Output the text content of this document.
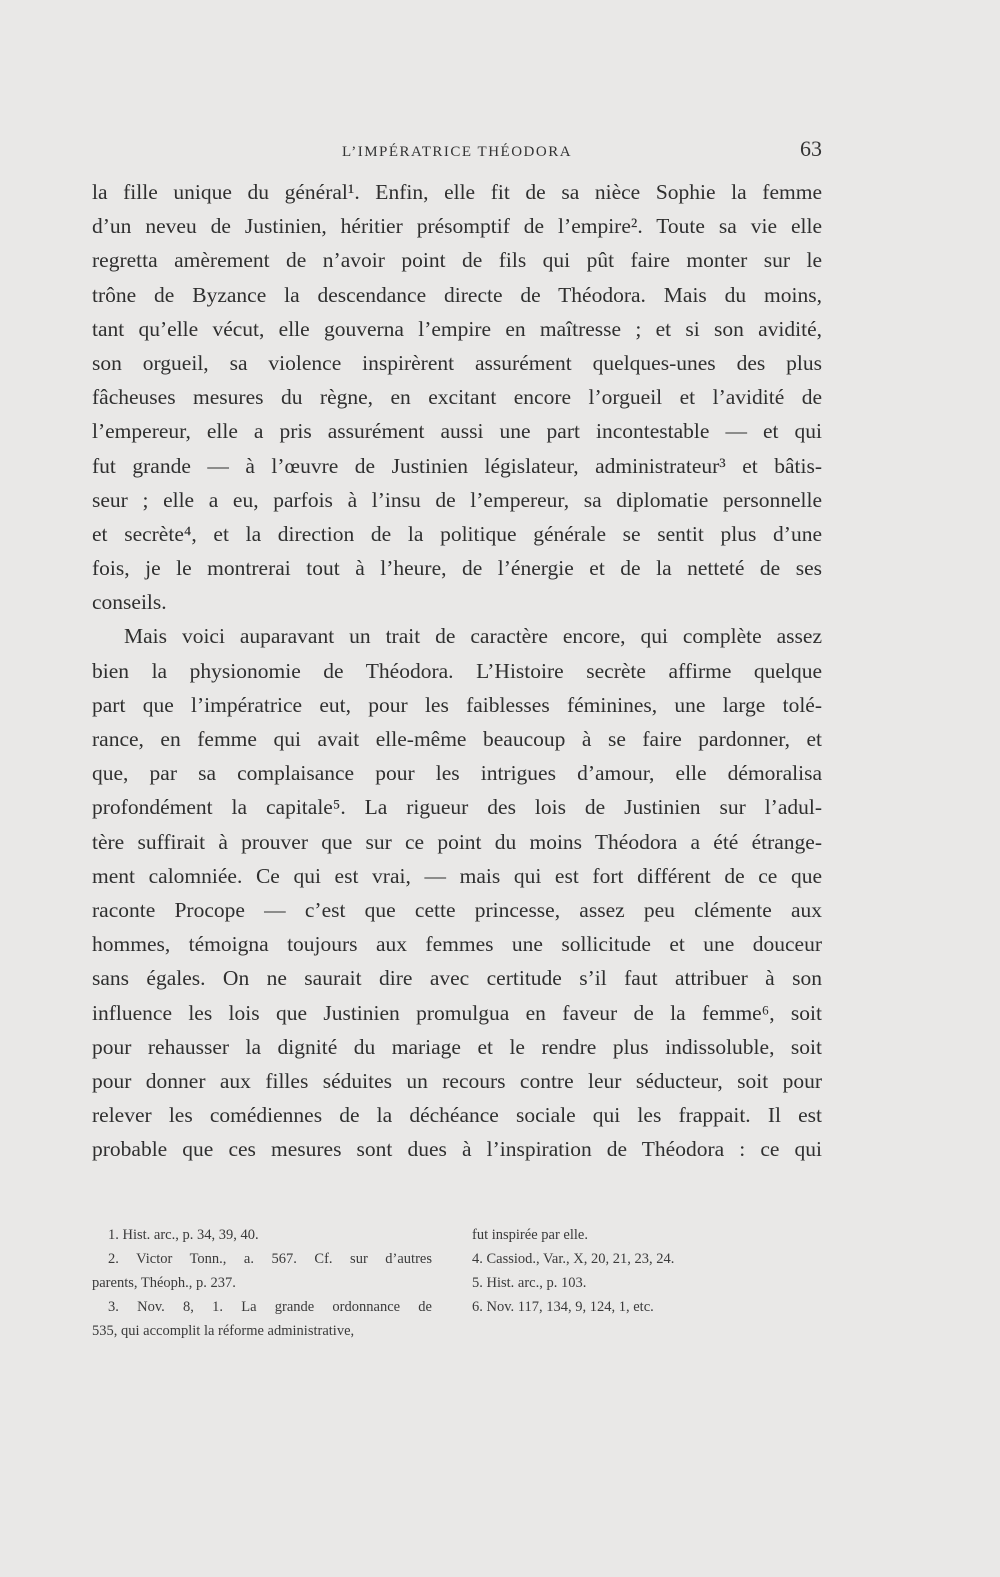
L’IMPÉRATRICE THÉODORA	63
la fille unique du général¹. Enfin, elle fit de sa nièce Sophie la femme
d’un neveu de Justinien, héritier présomptif de l’empire². Toute sa vie elle
regretta amèrement de n’avoir point de fils qui pût faire monter sur le
trône de Byzance la descendance directe de Théodora. Mais du moins,
tant qu’elle vécut, elle gouverna l’empire en maîtresse ; et si son avidité,
son orgueil, sa violence inspirèrent assurément quelques-unes des plus
fâcheuses mesures du règne, en excitant encore l’orgueil et l’avidité de
l’empereur, elle a pris assurément aussi une part incontestable — et qui
fut grande — à l’œuvre de Justinien législateur, administrateur³ et bâtis-
seur ; elle a eu, parfois à l’insu de l’empereur, sa diplomatie personnelle
et secrète⁴, et la direction de la politique générale se sentit plus d’une
fois, je le montrerai tout à l’heure, de l’énergie et de la netteté de ses
conseils.
Mais voici auparavant un trait de caractère encore, qui complète assez
bien la physionomie de Théodora. L’Histoire secrète affirme quelque
part que l’impératrice eut, pour les faiblesses féminines, une large tolé-
rance, en femme qui avait elle-même beaucoup à se faire pardonner, et
que, par sa complaisance pour les intrigues d’amour, elle démoralisa
profondément la capitale⁵. La rigueur des lois de Justinien sur l’adul-
tère suffirait à prouver que sur ce point du moins Théodora a été étrange-
ment calomniée. Ce qui est vrai, — mais qui est fort différent de ce que
raconte Procope — c’est que cette princesse, assez peu clémente aux
hommes, témoigna toujours aux femmes une sollicitude et une douceur
sans égales. On ne saurait dire avec certitude s’il faut attribuer à son
influence les lois que Justinien promulgua en faveur de la femme⁶, soit
pour rehausser la dignité du mariage et le rendre plus indissoluble, soit
pour donner aux filles séduites un recours contre leur séducteur, soit pour
relever les comédiennes de la déchéance sociale qui les frappait. Il est
probable que ces mesures sont dues à l’inspiration de Théodora : ce qui
1. Hist. arc., p. 34, 39, 40.
2. Victor Tonn., a. 567. Cf. sur d’autres
parents, Théoph., p. 237.
3. Nov. 8, 1. La grande ordonnance de
535, qui accomplit la réforme administrative,
fut inspirée par elle.
4. Cassiod., Var., X, 20, 21, 23, 24.
5. Hist. arc., p. 103.
6. Nov. 117, 134, 9, 124, 1, etc.
